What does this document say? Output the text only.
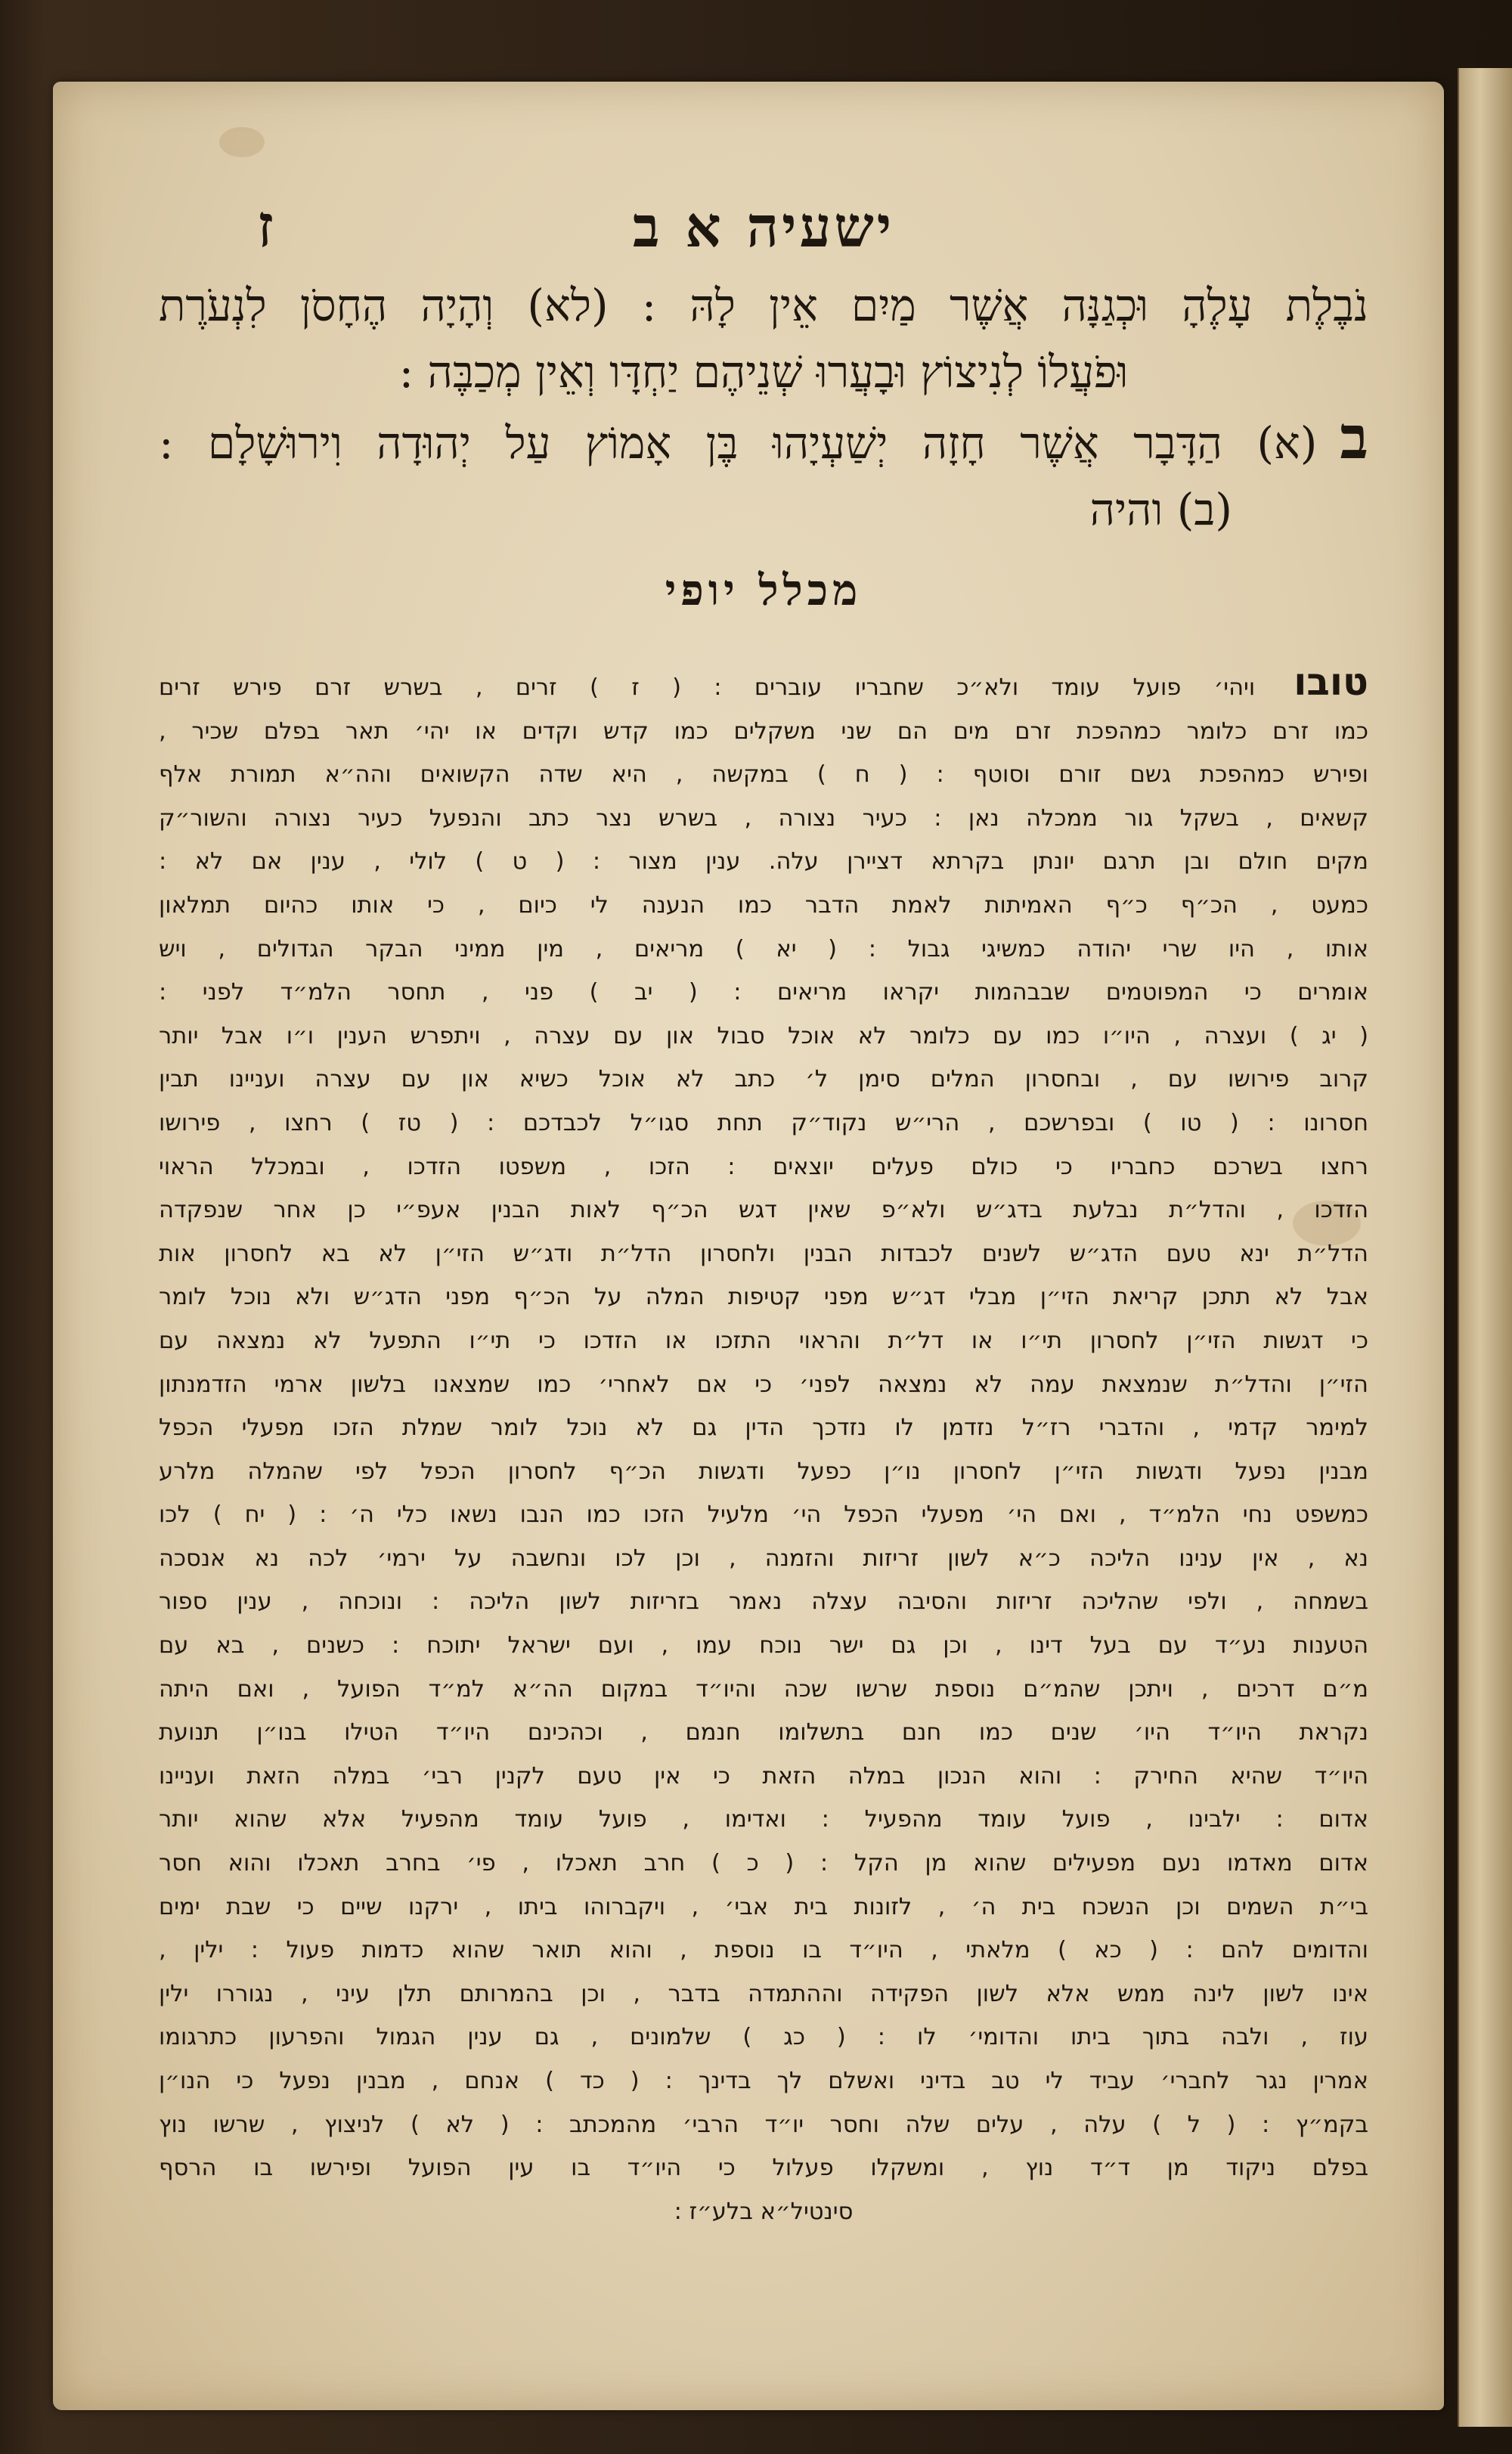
ישעיה א ב
ז
נֹבֶלֶת עָלֶהָ וּכְגַנָּה אֲשֶׁר מַיִם אֵין לָהּ : (לא) וְהָיָה הֶחָסֹן לִנְעֹרֶת
וּפֹעֲלוֹ לְנִיצוֹץ וּבָעֲרוּ שְׁנֵיהֶם יַחְדָּו וְאֵין מְכַבֶּה :
ב(א) הַדָּבָר אֲשֶׁר חָזָה יְשַׁעְיָהוּ בֶּן אָמוֹץ עַל יְהוּדָה וִירוּשָׁלָם :
(ב) והיה
מכלל יופי
טובו ויהי׳ פועל עומד ולא״כ שחבריו עוברים : ( ז ) זרים , בשרש זרם פירש זרים
כמו זרם כלומר כמהפכת זרם מים הם שני משקלים כמו קדש וקדים או יהי׳ תאר בפלם שכיר ,
ופירש כמהפכת גשם זורם וסוטף : ( ח ) במקשה , היא שדה הקשואים והה״א תמורת אלף
קשאים , בשקל גור ממכלה נאן : כעיר נצורה , בשרש נצר כתב והנפעל כעיר נצורה והשור״ק
מקים חולם ובן תרגם יונתן בקרתא דציירן עלה. ענין מצור : ( ט ) לולי , ענין אם לא :
כמעט , הכ״ף כ״ף האמיתות לאמת הדבר כמו הנענה לי כיום , כי אותו כהיום תמלאון
אותו , היו שרי יהודה כמשיגי גבול : ( יא ) מריאים , מין ממיני הבקר הגדולים , ויש
אומרים כי המפוטמים שבבהמות יקראו מריאים : ( יב ) פני , תחסר הלמ״ד לפני :
( יג ) ועצרה , היו״ו כמו עם כלומר לא אוכל סבול און עם עצרה , ויתפרש הענין ו״ו אבל יותר
קרוב פירושו עם , ובחסרון המלים סימן ל׳ כתב לא אוכל כשיא און עם עצרה ועניינו תבין
חסרונו : ( טו ) ובפרשכם , הרי״ש נקוד״ק תחת סגו״ל לכבדכם : ( טז ) רחצו , פירושו
רחצו בשרכם כחבריו כי כולם פעלים יוצאים : הזכו , משפטו הזדכו , ובמכלל הראוי
הזדכו , והדל״ת נבלעת בדג״ש ולא״פ שאין דגש הכ״ף לאות הבנין אעפ״י כן אחר שנפקדה
הדל״ת ינא טעם הדג״ש לשנים לכבדות הבנין ולחסרון הדל״ת ודג״ש הזי״ן לא בא לחסרון אות
אבל לא תתכן קריאת הזי״ן מבלי דג״ש מפני קטיפות המלה על הכ״ף מפני הדג״ש ולא נוכל לומר
כי דגשות הזי״ן לחסרון תי״ו או דל״ת והראוי התזכו או הזדכו כי תי״ו התפעל לא נמצאה עם
הזי״ן והדל״ת שנמצאת עמה לא נמצאה לפני׳ כי אם לאחרי׳ כמו שמצאנו בלשון ארמי הזדמנתון
למימר קדמי , והדברי רז״ל נזדמן לו נזדכך הדין גם לא נוכל לומר שמלת הזכו מפעלי הכפל
מבנין נפעל ודגשות הזי״ן לחסרון נו״ן כפעל ודגשות הכ״ף לחסרון הכפל לפי שהמלה מלרע
כמשפט נחי הלמ״ד , ואם הי׳ מפעלי הכפל הי׳ מלעיל הזכו כמו הנבו נשאו כלי ה׳ : ( יח ) לכו
נא , אין ענינו הליכה כ״א לשון זריזות והזמנה , וכן לכו ונחשבה על ירמי׳ לכה נא אנסכה
בשמחה , ולפי שהליכה זריזות והסיבה עצלה נאמר בזריזות לשון הליכה : ונוכחה , ענין ספור
הטענות נע״ד עם בעל דינו , וכן גם ישר נוכח עמו , ועם ישראל יתוכח : כשנים , בא עם
מ״ם דרכים , ויתכן שהמ״ם נוספת שרשו שכה והיו״ד במקום הה״א למ״ד הפועל , ואם היתה
נקראת היו״ד היו׳ שנים כמו חנם בתשלומו חנמם , וכהכינם היו״ד הטילו בנו״ן תנועת
היו״ד שהיא החירק : והוא הנכון במלה הזאת כי אין טעם לקנין רבי׳ במלה הזאת ועניינו
אדום : ילבינו , פועל עומד מהפעיל : ואדימו , פועל עומד מהפעיל אלא שהוא יותר
אדום מאדמו נעם מפעילים שהוא מן הקל : ( כ ) חרב תאכלו , פי׳ בחרב תאכלו והוא חסר
בי״ת השמים וכן הנשכח בית ה׳ , לזונות בית אבי׳ , ויקברוהו ביתו , ירקנו שיים כי שבת ימים
והדומים להם : ( כא ) מלאתי , היו״ד בו נוספת , והוא תואר שהוא כדמות פעול : ילין ,
אינו לשון לינה ממש אלא לשון הפקידה וההתמדה בדבר , וכן בהמרותם תלן עיני , נגוררו ילין
עוז , ולבה בתוך ביתו והדומי׳ לו : ( כג ) שלמונים , גם ענין הגמול והפרעון כתרגומו
אמרין נגר לחברי׳ עביד לי טב בדיני ואשלם לך בדינך : ( כד ) אנחם , מבנין נפעל כי הנו״ן
בקמ״ץ : ( ל ) עלה , עלים שלה וחסר יו״ד הרבי׳ מהמכתב : ( לא ) לניצוץ , שרשו נוץ
בפלם ניקוד מן ד״ד נוץ , ומשקלו פעלול כי היו״ד בו עין הפועל ופירשו בו הרסף
סינטיל״א בלע״ז :
